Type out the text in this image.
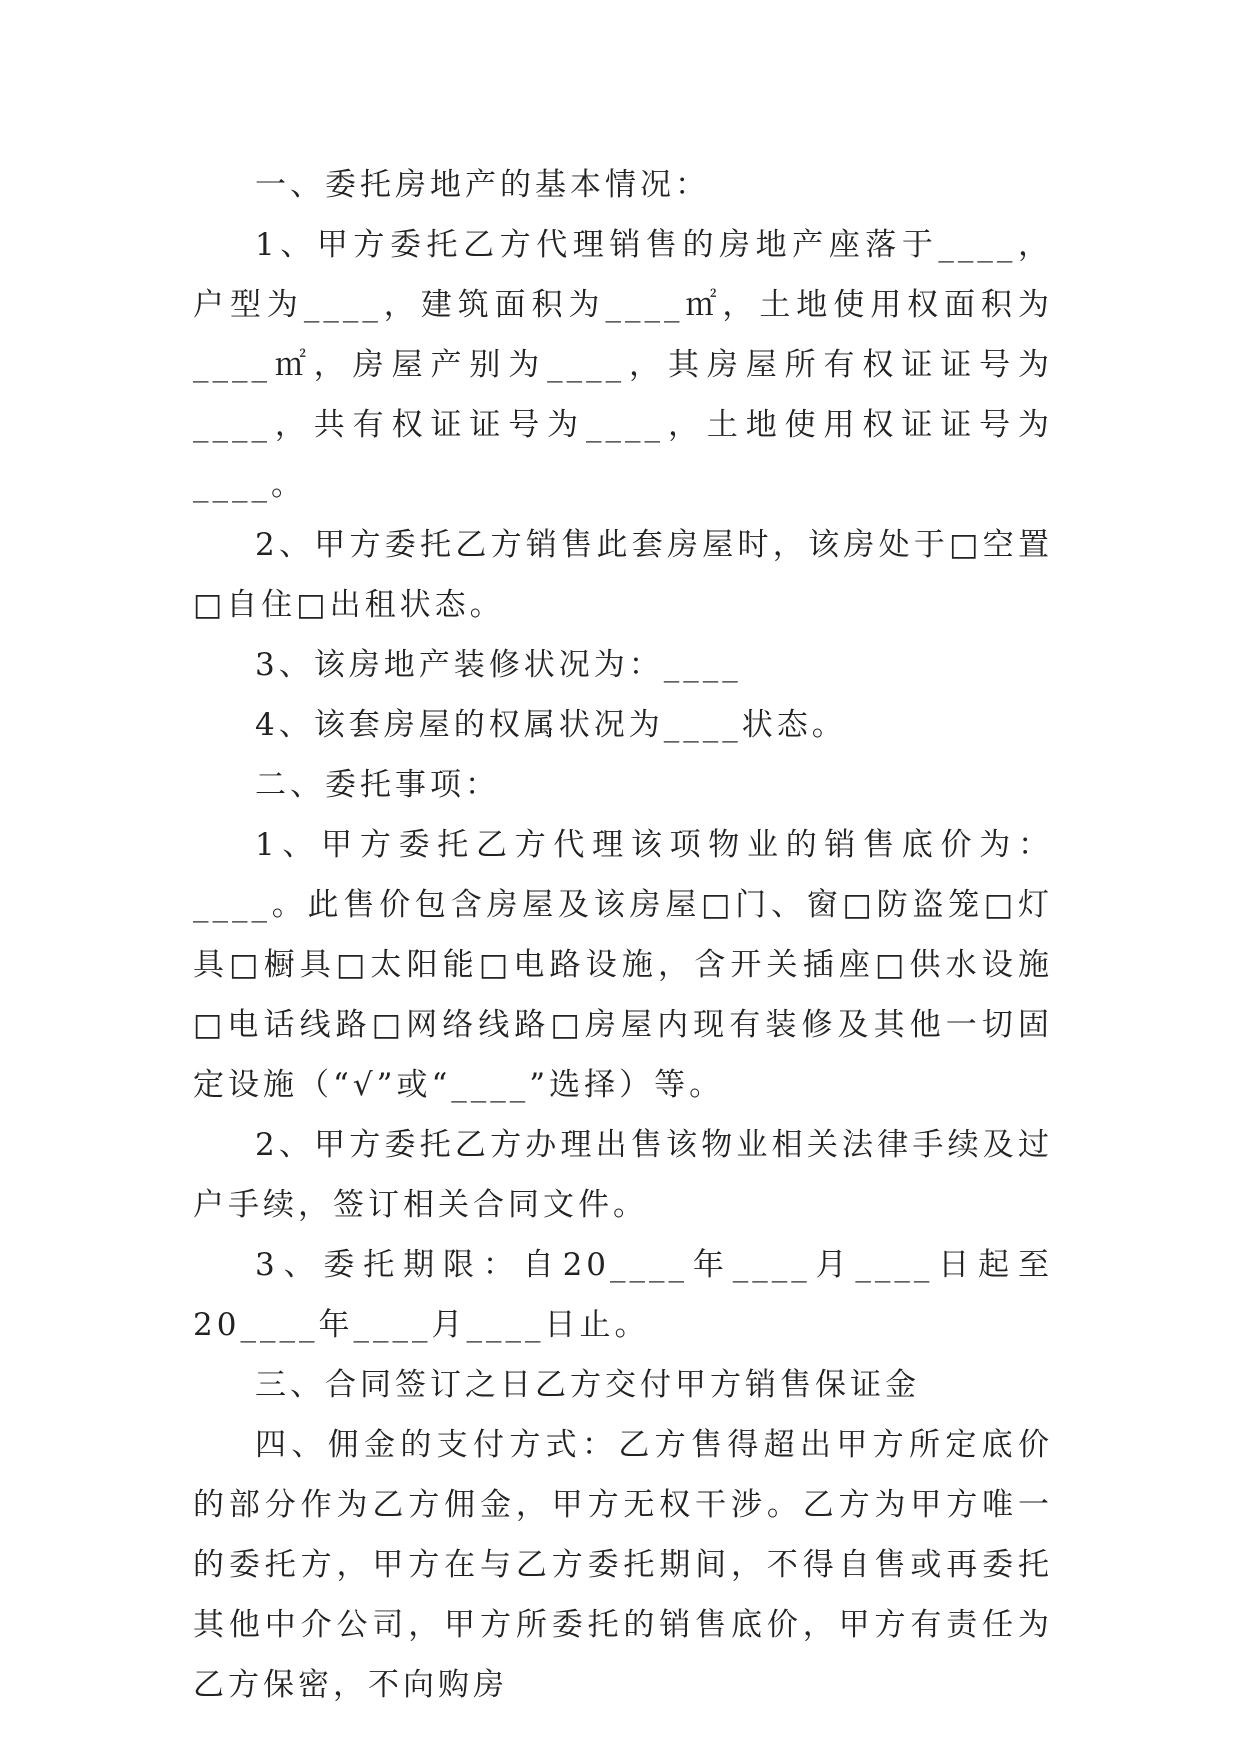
一、委托房地产的基本情况：

1、甲方委托乙方代理销售的房地产座落于____，户型为____，建筑面积为____㎡，土地使用权面积为____㎡，房屋产别为____，其房屋所有权证证号为____，共有权证证号为____，土地使用权证证号为____。

2、甲方委托乙方销售此套房屋时，该房处于□空置□自住□出租状态。

3、该房地产装修状况为：____

4、该套房屋的权属状况为____状态。

二、委托事项：

1、甲方委托乙方代理该项物业的销售底价为：____。此售价包含房屋及该房屋□门、窗□防盗笼□灯具□橱具□太阳能□电路设施，含开关插座□供水设施□电话线路□网络线路□房屋内现有装修及其他一切固定设施（“√”或“____”选择）等。

2、甲方委托乙方办理出售该物业相关法律手续及过户手续，签订相关合同文件。

3、委托期限：自20____年____月____日起至20____年____月____日止。

三、合同签订之日乙方交付甲方销售保证金

四、佣金的支付方式：乙方售得超出甲方所定底价的部分作为乙方佣金，甲方无权干涉。乙方为甲方唯一的委托方，甲方在与乙方委托期间，不得自售或再委托其他中介公司，甲方所委托的销售底价，甲方有责任为乙方保密，不向购房
